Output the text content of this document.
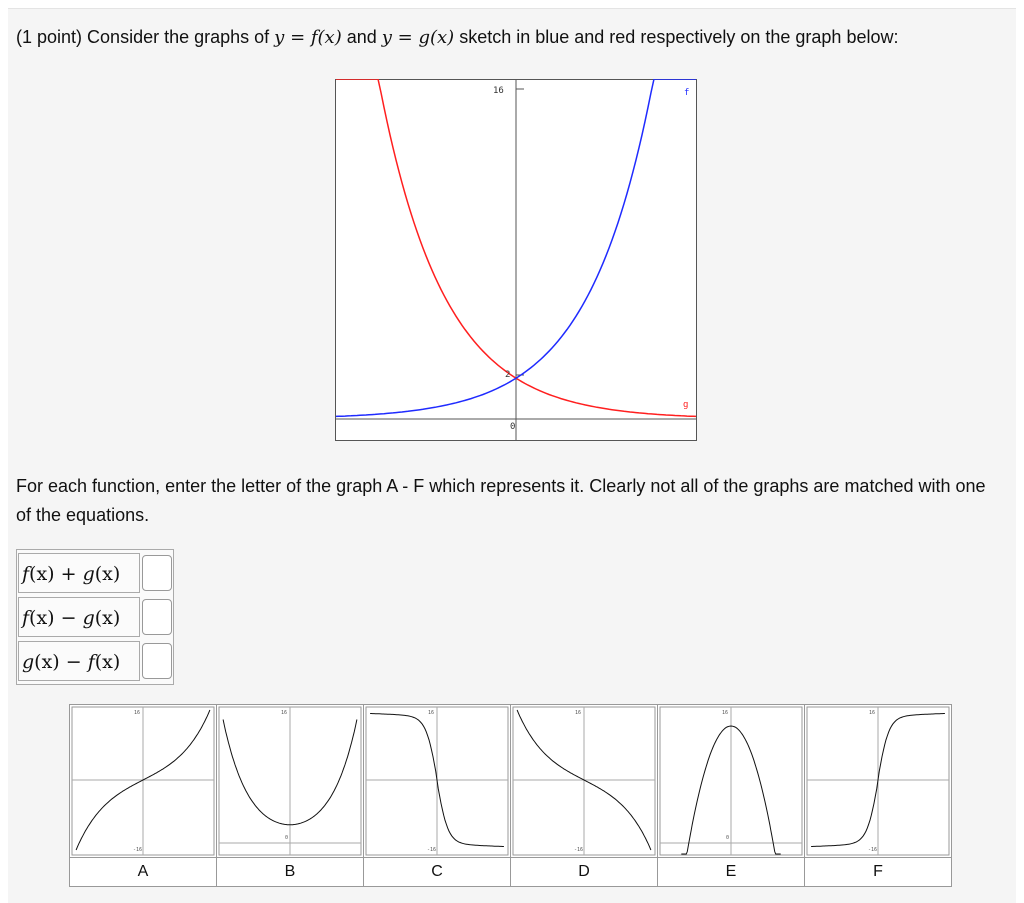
(1 point) Consider the graphs of y = f(x) and y = g(x) sketch in blue and red respectively on the graph below:
16
2
0
f
g
For each function, enter the letter of the graph A - F which represents it. Clearly not all of the graphs are matched with one of the equations.
f(x) + g(x)
f(x) − g(x)
g(x) − f(x)
16
-16	16
0	16
-16	16
-16	16
0	16
-16

A	B	C	D	E	F
